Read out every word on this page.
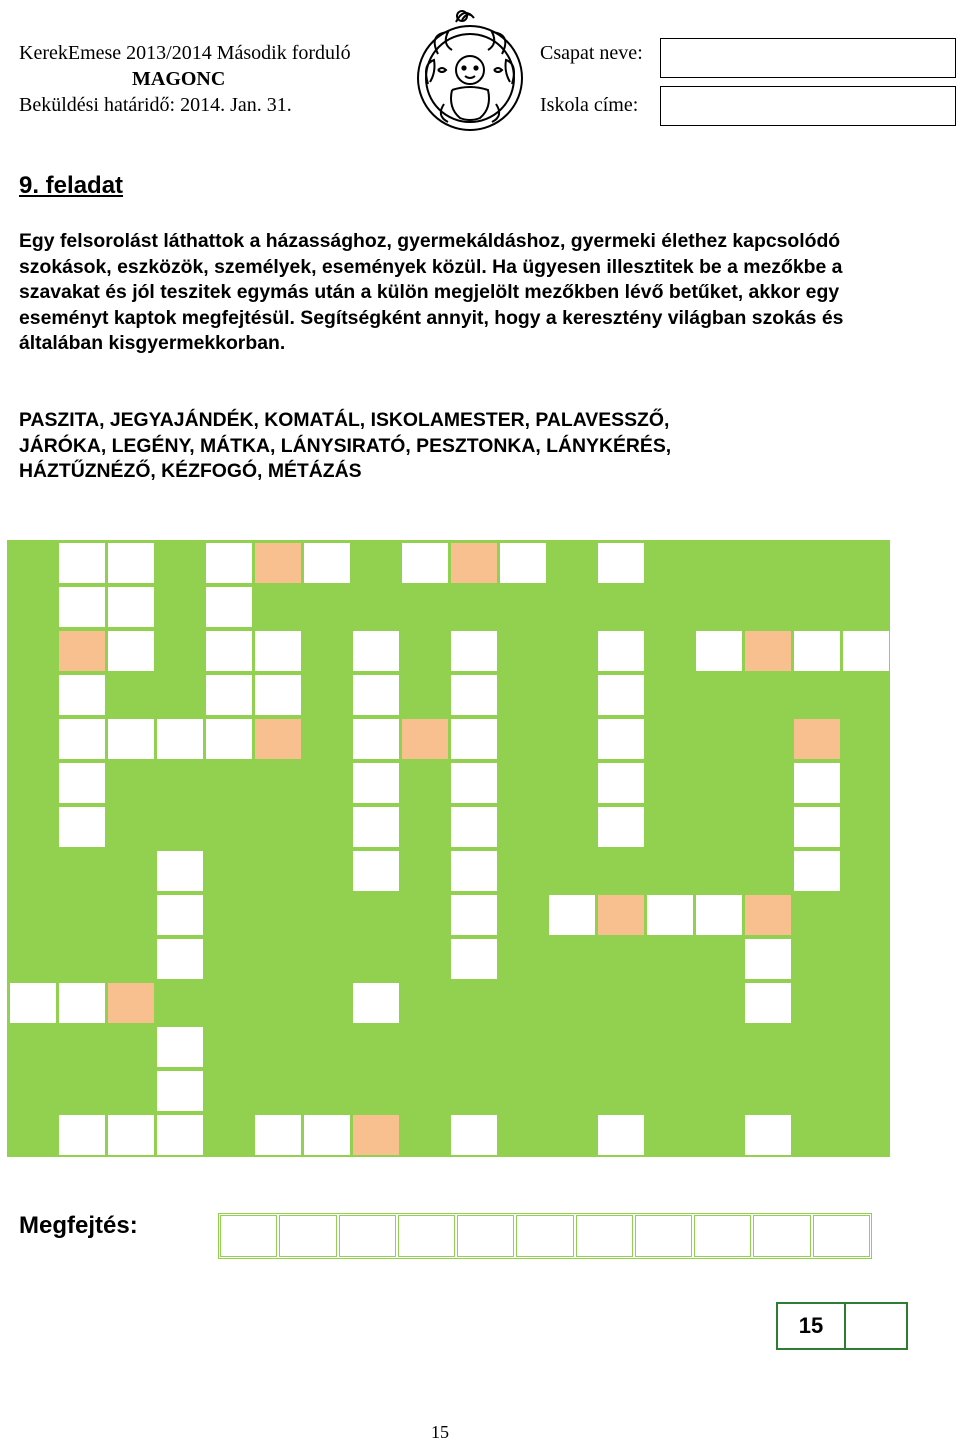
KerekEmese 2013/2014 Második forduló
MAGONC
Beküldési határidő: 2014. Jan. 31.
Csapat neve:
Iskola címe:
9. feladat

Egy felsorolást láthattok a házassághoz, gyermekáldáshoz, gyermeki élethez kapcsolódó szokások, eszközök, személyek, események közül. Ha ügyesen illesztitek be a mezőkbe a szavakat és jól teszitek egymás után a külön megjelölt mezőkben lévő betűket, akkor egy eseményt kaptok megfejtésül. Segítségként annyit, hogy a keresztény világban szokás és általában kisgyermekkorban.

PASZITA, JEGYAJÁNDÉK, KOMATÁL, ISKOLAMESTER, PALAVESSZŐ,
JÁRÓKA, LEGÉNY, MÁTKA, LÁNYSIRATÓ, PESZTONKA, LÁNYKÉRÉS,
HÁZTŰZNÉZŐ, KÉZFOGÓ, MÉTÁZÁS

Megfejtés:
15
15
